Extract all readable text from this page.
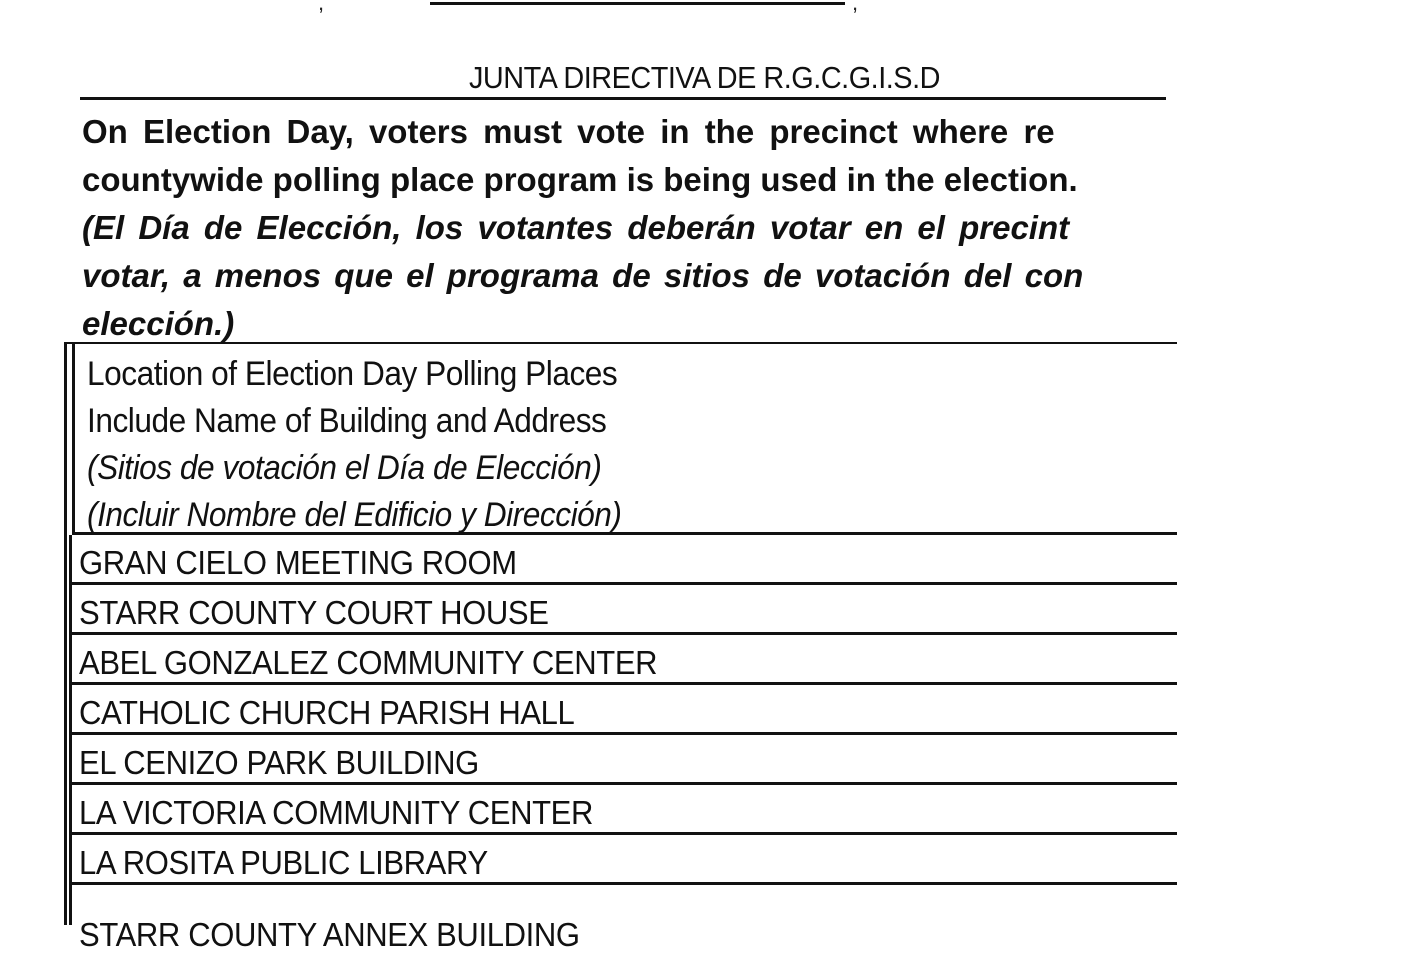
,	,
JUNTA DIRECTIVA DE R.G.C.G.I.S.D
On Election Day, voters must vote in the precinct where re
countywide polling place program is being used in the election.
(El Día de Elección, los votantes deberán votar en el precint
votar, a menos que el programa de sitios de votación del con
elección.)
Location of Election Day Polling Places
Include Name of Building and Address
(Sitios de votación el Día de Elección)
(Incluir Nombre del Edificio y Dirección)
GRAN CIELO MEETING ROOM
STARR COUNTY COURT HOUSE
ABEL GONZALEZ COMMUNITY CENTER
CATHOLIC CHURCH PARISH HALL
EL CENIZO PARK BUILDING
LA VICTORIA COMMUNITY CENTER
LA ROSITA PUBLIC LIBRARY
STARR COUNTY ANNEX BUILDING
